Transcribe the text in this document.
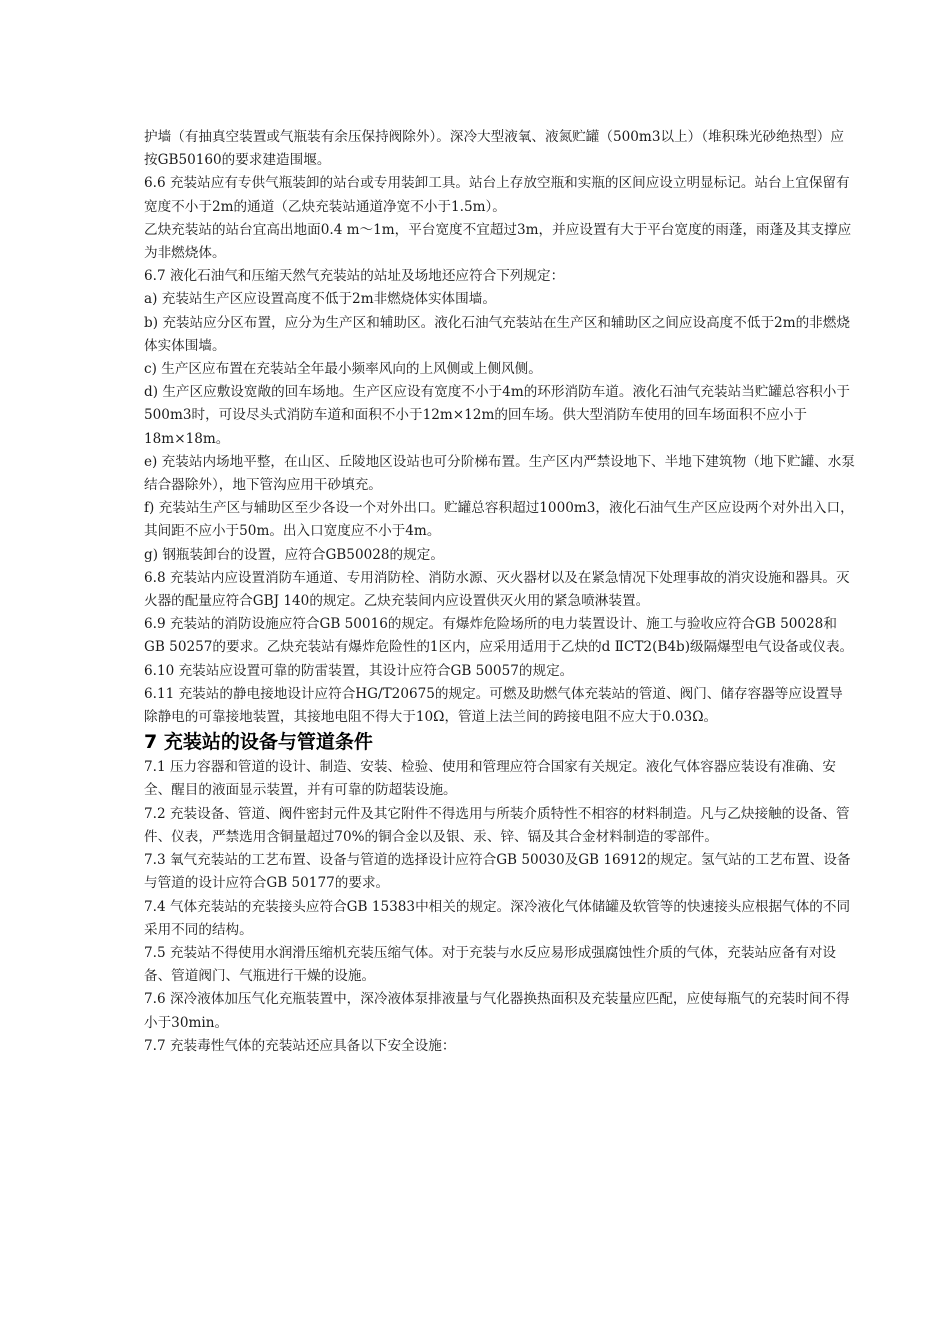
护墙（有抽真空装置或气瓶装有余压保持阀除外）。深冷大型液氧、液氮贮罐（500m3以上）（堆积珠光砂绝热型）应按GB50160的要求建造围堰。

6.6 充装站应有专供气瓶装卸的站台或专用装卸工具。站台上存放空瓶和实瓶的区间应设立明显标记。站台上宜保留有宽度不小于2m的通道（乙炔充装站通道净宽不小于1.5m）。

乙炔充装站的站台宜高出地面0.4 m～1m，平台宽度不宜超过3m，并应设置有大于平台宽度的雨蓬，雨蓬及其支撑应为非燃烧体。

6.7 液化石油气和压缩天然气充装站的站址及场地还应符合下列规定：

a) 充装站生产区应设置高度不低于2m非燃烧体实体围墙。

b) 充装站应分区布置，应分为生产区和辅助区。液化石油气充装站在生产区和辅助区之间应设高度不低于2m的非燃烧体实体围墙。

c) 生产区应布置在充装站全年最小频率风向的上风侧或上侧风侧。

d) 生产区应敷设宽敞的回车场地。生产区应设有宽度不小于4m的环形消防车道。液化石油气充装站当贮罐总容积小于500m3时，可设尽头式消防车道和面积不小于12m×12m的回车场。供大型消防车使用的回车场面积不应小于18m×18m。

e) 充装站内场地平整，在山区、丘陵地区设站也可分阶梯布置。生产区内严禁设地下、半地下建筑物（地下贮罐、水泵结合器除外），地下管沟应用干砂填充。

f) 充装站生产区与辅助区至少各设一个对外出口。贮罐总容积超过1000m3，液化石油气生产区应设两个对外出入口，其间距不应小于50m。出入口宽度应不小于4m。

g) 钢瓶装卸台的设置，应符合GB50028的规定。

6.8 充装站内应设置消防车通道、专用消防栓、消防水源、灭火器材以及在紧急情况下处理事故的消灾设施和器具。灭火器的配量应符合GBJ 140的规定。乙炔充装间内应设置供灭火用的紧急喷淋装置。

6.9 充装站的消防设施应符合GB 50016的规定。有爆炸危险场所的电力装置设计、施工与验收应符合GB 50028和GB 50257的要求。乙炔充装站有爆炸危险性的1区内，应采用适用于乙炔的d ⅡCT2(B4b)级隔爆型电气设备或仪表。

6.10 充装站应设置可靠的防雷装置，其设计应符合GB 50057的规定。

6.11 充装站的静电接地设计应符合HG/T20675的规定。可燃及助燃气体充装站的管道、阀门、储存容器等应设置导除静电的可靠接地装置，其接地电阻不得大于10Ω，管道上法兰间的跨接电阻不应大于0.03Ω。

7 充装站的设备与管道条件

7.1 压力容器和管道的设计、制造、安装、检验、使用和管理应符合国家有关规定。液化气体容器应装设有准确、安全、醒目的液面显示装置，并有可靠的防超装设施。

7.2 充装设备、管道、阀件密封元件及其它附件不得选用与所装介质特性不相容的材料制造。凡与乙炔接触的设备、管件、仪表，严禁选用含铜量超过70%的铜合金以及银、汞、锌、镉及其合金材料制造的零部件。

7.3 氧气充装站的工艺布置、设备与管道的选择设计应符合GB 50030及GB 16912的规定。氢气站的工艺布置、设备与管道的设计应符合GB 50177的要求。

7.4 气体充装站的充装接头应符合GB 15383中相关的规定。深冷液化气体储罐及软管等的快速接头应根据气体的不同采用不同的结构。

7.5 充装站不得使用水润滑压缩机充装压缩气体。对于充装与水反应易形成强腐蚀性介质的气体，充装站应备有对设备、管道阀门、气瓶进行干燥的设施。

7.6 深冷液体加压气化充瓶装置中，深冷液体泵排液量与气化器换热面积及充装量应匹配，应使每瓶气的充装时间不得小于30min。

7.7 充装毒性气体的充装站还应具备以下安全设施：
